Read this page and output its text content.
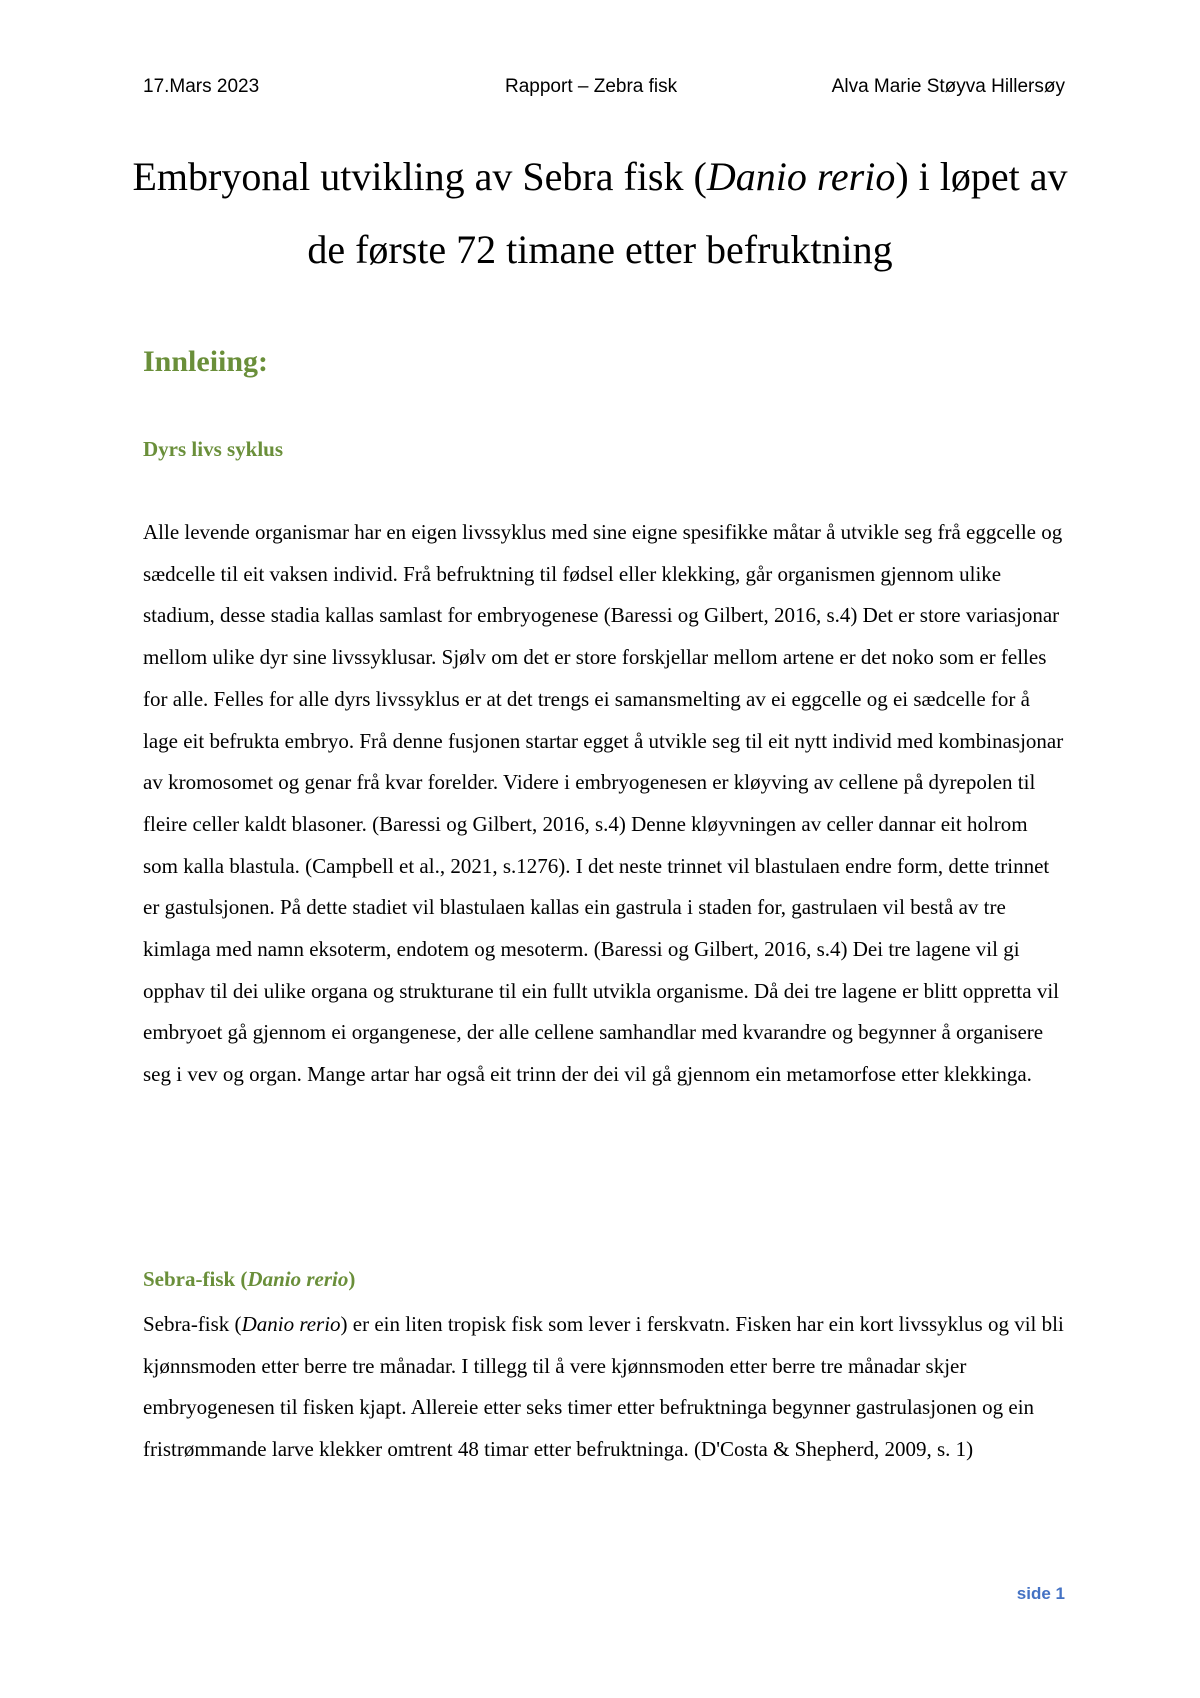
17.Mars 2023	Rapport – Zebra fisk	Alva Marie Støyva Hillersøy
Embryonal utvikling av Sebra fisk (Danio rerio) i løpet av de første 72 timane etter befruktning
Innleiing:
Dyrs livs syklus

Alle levende organismar har en eigen livssyklus med sine eigne spesifikke måtar å utvikle seg frå eggcelle og sædcelle til eit vaksen individ. Frå befruktning til fødsel eller klekking, går organismen gjennom ulike stadium, desse stadia kallas samlast for embryogenese (Baressi og Gilbert, 2016, s.4) Det er store variasjonar mellom ulike dyr sine livssyklusar. Sjølv om det er store forskjellar mellom artene er det noko som er felles for alle. Felles for alle dyrs livssyklus er at det trengs ei samansmelting av ei eggcelle og ei sædcelle for å lage eit befrukta embryo. Frå denne fusjonen startar egget å utvikle seg til eit nytt individ med kombinasjonar av kromosomet og genar frå kvar forelder. Videre i embryogenesen er kløyving av cellene på dyrepolen til fleire celler kaldt blasoner. (Baressi og Gilbert, 2016, s.4) Denne kløyvningen av celler dannar eit holrom som kalla blastula. (Campbell et al., 2021, s.1276). I det neste trinnet vil blastulaen endre form, dette trinnet er gastulsjonen. På dette stadiet vil blastulaen kallas ein gastrula i staden for, gastrulaen vil bestå av tre kimlaga med namn eksoterm, endotem og mesoterm. (Baressi og Gilbert, 2016, s.4) Dei tre lagene vil gi opphav til dei ulike organa og strukturane til ein fullt utvikla organisme. Då dei tre lagene er blitt oppretta vil embryoet gå gjennom ei organgenese, der alle cellene samhandlar med kvarandre og begynner å organisere seg i vev og organ. Mange artar har også eit trinn der dei vil gå gjennom ein metamorfose etter klekkinga.

Sebra-fisk (Danio rerio)

Sebra-fisk (Danio rerio) er ein liten tropisk fisk som lever i ferskvatn. Fisken har ein kort livssyklus og vil bli kjønnsmoden etter berre tre månadar. I tillegg til å vere kjønnsmoden etter berre tre månadar skjer embryogenesen til fisken kjapt. Allereie etter seks timer etter befruktninga begynner gastrulasjonen og ein fristrømmande larve klekker omtrent 48 timar etter befruktninga. (D'Costa & Shepherd, 2009, s. 1)

side 1
